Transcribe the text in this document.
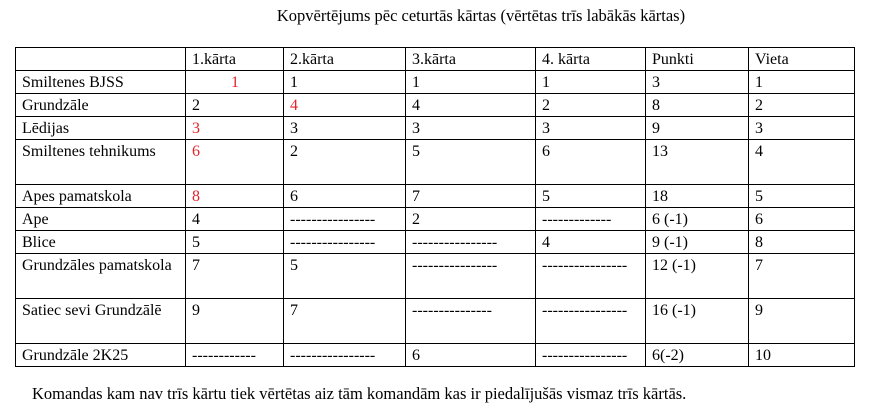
Kopvērtējums pēc ceturtās kārtas (vērtētas trīs labākās kārtas)
	1.kārta	2.kārta	3.kārta	4. kārta	Punkti	Vieta
Smiltenes BJSS	1	1	1	1	3	1
Grundzāle	2	4	4	2	8	2
Lēdijas	3	3	3	3	9	3
Smiltenes tehnikums	6	2	5	6	13	4
Apes pamatskola	8	6	7	5	18	5
Ape	4	----------------	2	-------------	6 (-1)	6
Blice	5	----------------	----------------	4	9 (-1)	8
Grundzāles pamatskola	7	5	----------------	----------------	12 (-1)	7
Satiec sevi Grundzālē	9	7	---------------	----------------	16 (-1)	9
Grundzāle 2K25	------------	----------------	6	----------------	6(-2)	10
Komandas kam nav trīs kārtu tiek vērtētas aiz tām komandām kas ir piedalījušās vismaz trīs kārtās.
